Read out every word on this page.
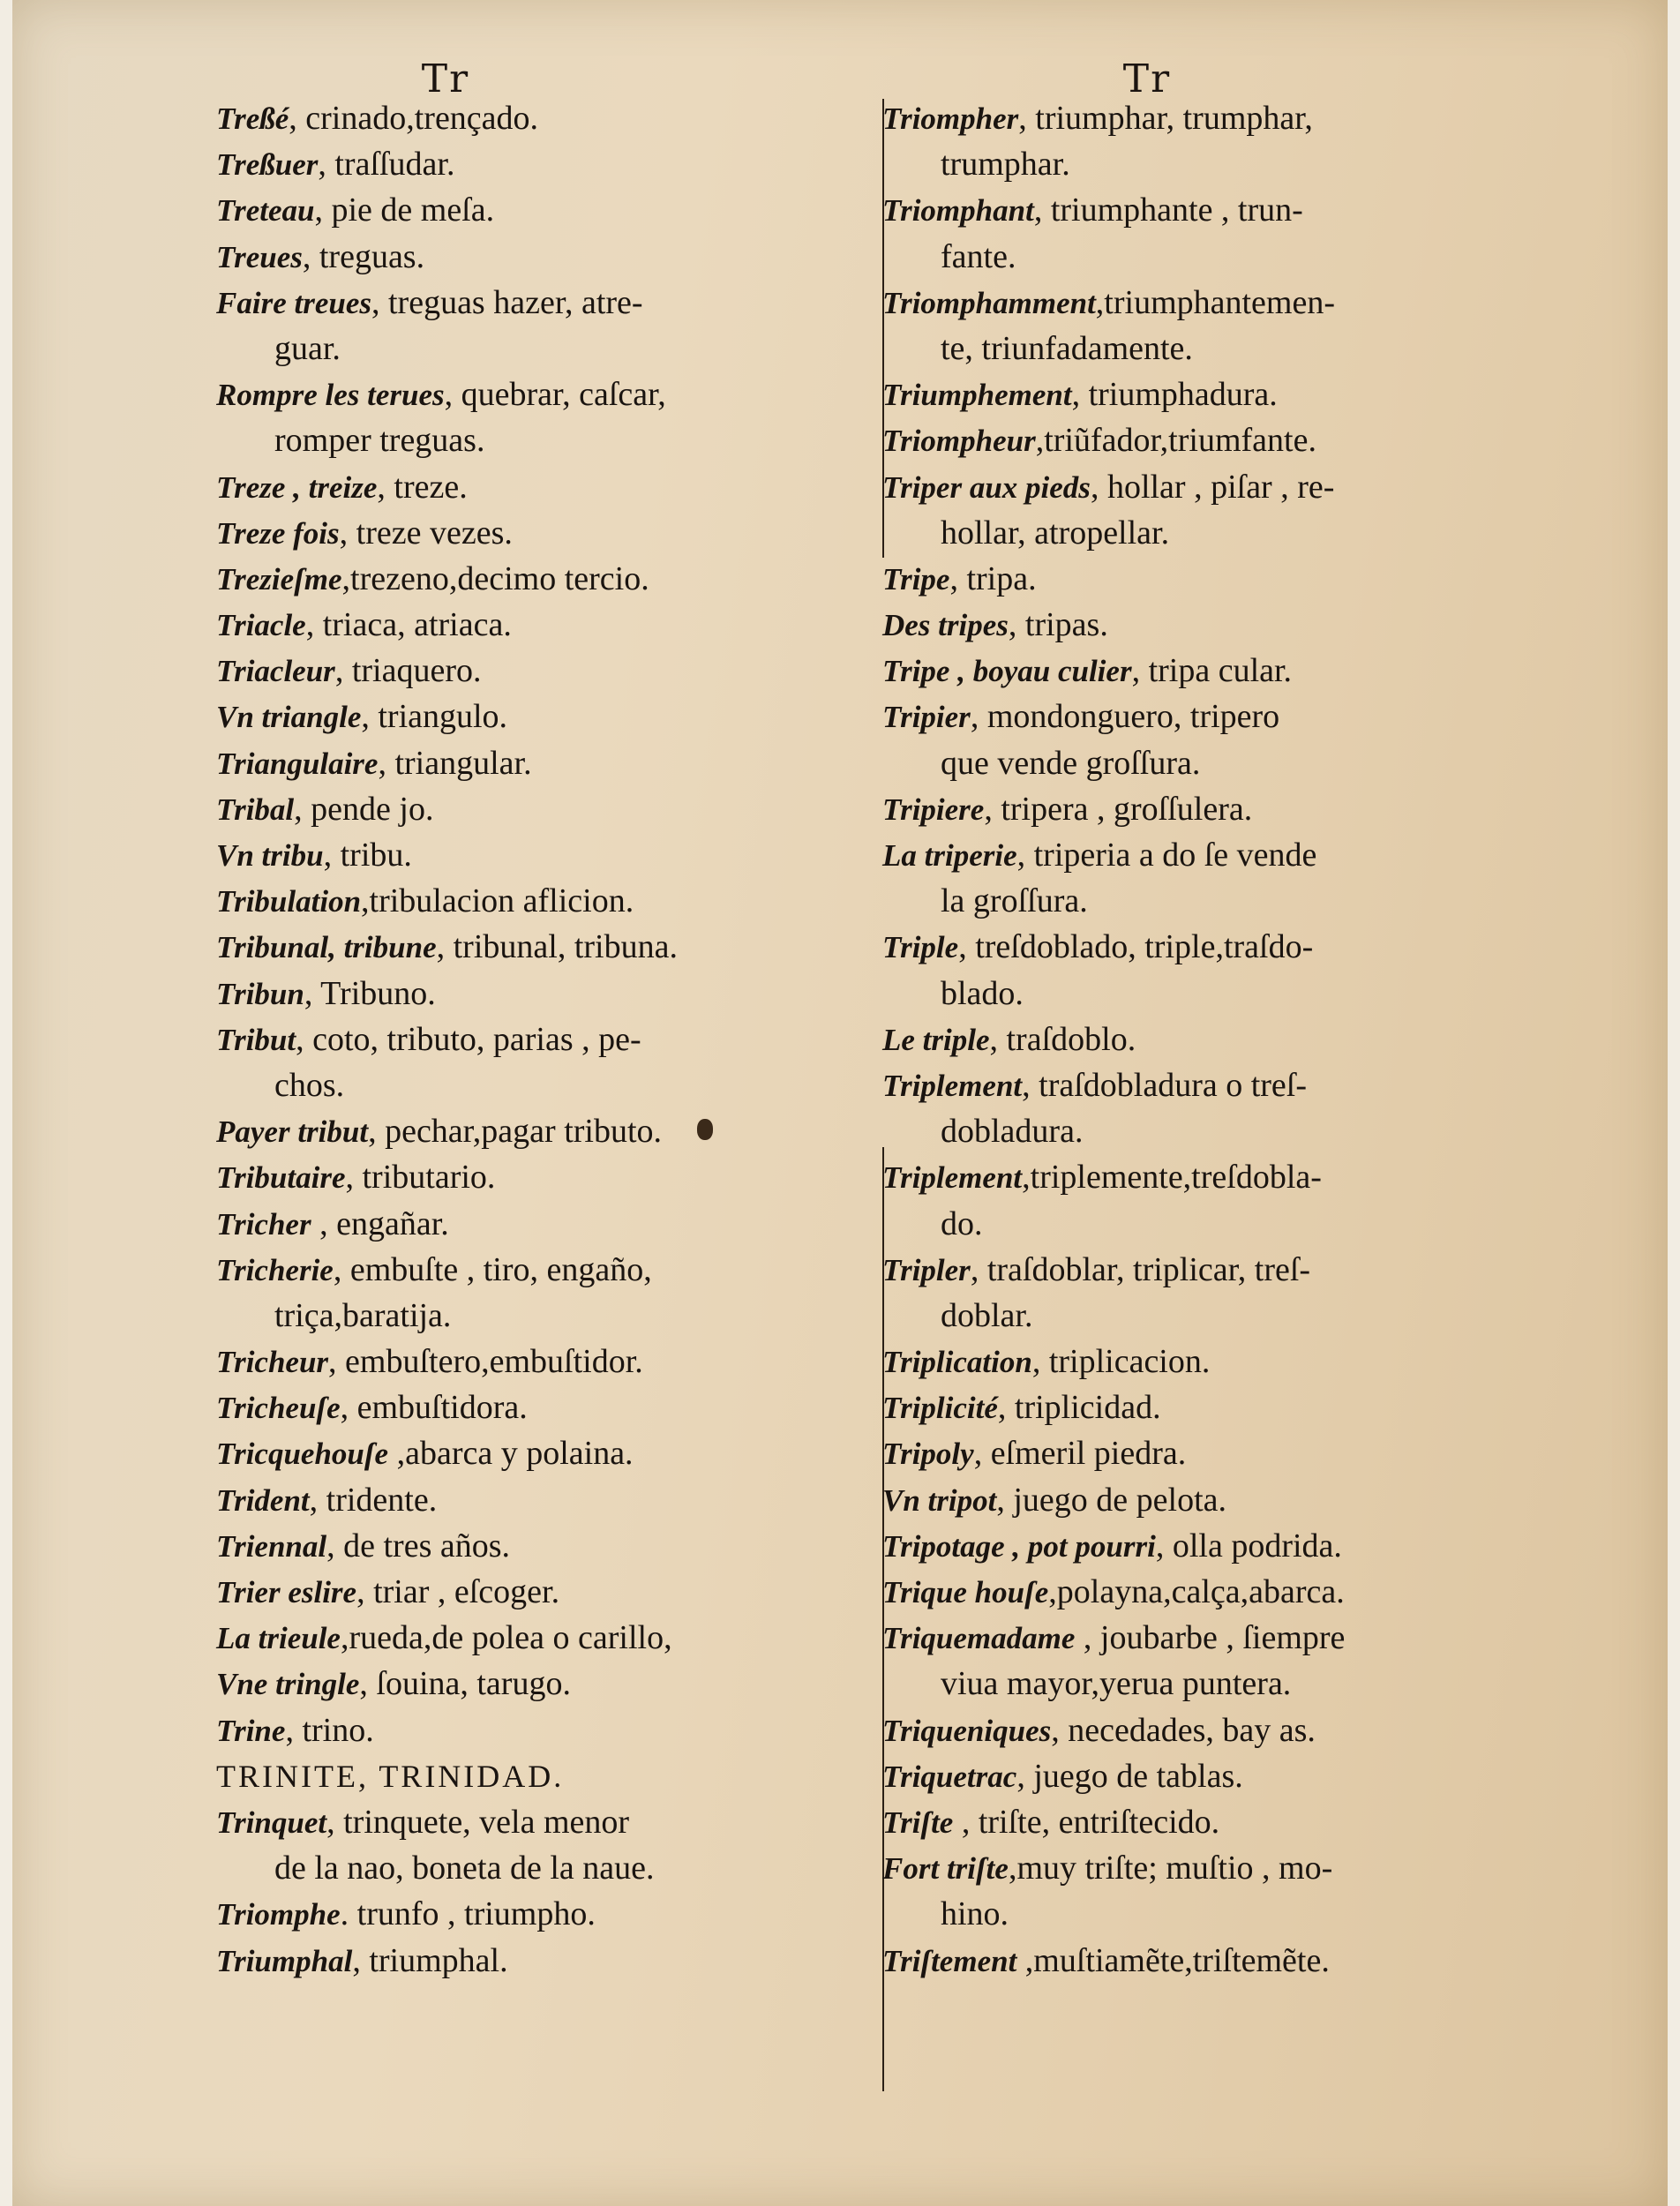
Tr
Treßé, crinado,trençado.
Treßuer, traſſudar.
Treteau, pie de meſa.
Treues, treguas.
Faire treues, treguas hazer, atre-
guar.
Rompre les terues, quebrar, caſcar,
romper treguas.
Treze , treize, treze.
Treze fois, treze vezes.
Trezieſme,trezeno,decimo tercio.
Triacle, triaca, atriaca.
Triacleur, triaquero.
Vn triangle, triangulo.
Triangulaire, triangular.
Tribal, pende jo.
Vn tribu, tribu.
Tribulation,tribulacion aflicion.
Tribunal, tribune, tribunal, tribuna.
Tribun, Tribuno.
Tribut, coto, tributo, parias , pe-
chos.
Payer tribut, pechar,pagar tributo.
Tributaire, tributario.
Tricher , engañar.
Tricherie, embuſte , tiro, engaño,
triça,baratija.
Tricheur, embuſtero,embuſtidor.
Tricheuſe, embuſtidora.
Tricquehouſe ,abarca y polaina.
Trident, tridente.
Triennal, de tres años.
Trier eslire, triar , eſcoger.
La trieule,rueda,de polea o carillo,
Vne tringle, ſouina, tarugo.
Trine, trino.
TRINITE, TRINIDAD.
Trinquet, trinquete, vela menor
de la nao, boneta de la naue.
Triomphe. trunfo , triumpho.
Triumphal, triumphal.
Tr
Triompher, triumphar, trumphar,
trumphar.
Triomphant, triumphante , trun-
fante.
Triomphamment,triumphantemen-
te, triunfadamente.
Triumphement, triumphadura.
Triompheur,triũfador,triumfante.
Triper aux pieds, hollar , piſar , re-
hollar, atropellar.
Tripe, tripa.
Des tripes, tripas.
Tripe , boyau culier, tripa cular.
Tripier, mondonguero, tripero
que vende groſſura.
Tripiere, tripera , groſſulera.
La triperie, triperia a do ſe vende
la groſſura.
Triple, treſdoblado, triple,traſdo-
blado.
Le triple, traſdoblo.
Triplement, traſdobladura o treſ-
dobladura.
Triplement,triplemente,treſdobla-
do.
Tripler, traſdoblar, triplicar, treſ-
doblar.
Triplication, triplicacion.
Triplicité, triplicidad.
Tripoly, eſmeril piedra.
Vn tripot, juego de pelota.
Tripotage , pot pourri, olla podrida.
Trique houſe,polayna,calça,abarca.
Triquemadame , joubarbe , ſiempre
viua mayor,yerua puntera.
Triqueniques, necedades, bay as.
Triquetrac, juego de tablas.
Triſte , triſte, entriſtecido.
Fort triſte,muy triſte; muſtio , mo-
hino.
Triſtement ,muſtiamẽte,triſtemẽte.
